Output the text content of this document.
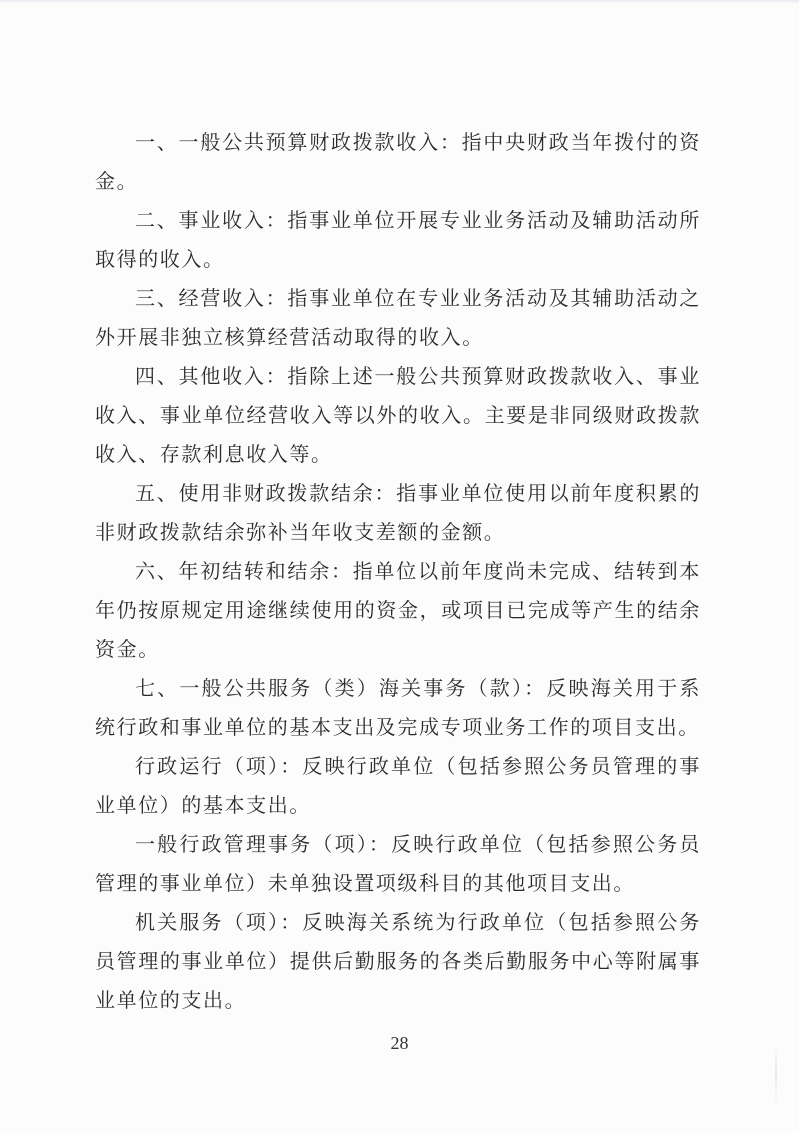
一、一般公共预算财政拨款收入：指中央财政当年拨付的资金。

二、事业收入：指事业单位开展专业业务活动及辅助活动所取得的收入。

三、经营收入：指事业单位在专业业务活动及其辅助活动之外开展非独立核算经营活动取得的收入。

四、其他收入：指除上述一般公共预算财政拨款收入、事业收入、事业单位经营收入等以外的收入。主要是非同级财政拨款收入、存款利息收入等。

五、使用非财政拨款结余：指事业单位使用以前年度积累的非财政拨款结余弥补当年收支差额的金额。

六、年初结转和结余：指单位以前年度尚未完成、结转到本年仍按原规定用途继续使用的资金，或项目已完成等产生的结余资金。

七、一般公共服务（类）海关事务（款）：反映海关用于系统行政和事业单位的基本支出及完成专项业务工作的项目支出。

行政运行（项）：反映行政单位（包括参照公务员管理的事业单位）的基本支出。

一般行政管理事务（项）：反映行政单位（包括参照公务员管理的事业单位）未单独设置项级科目的其他项目支出。

机关服务（项）：反映海关系统为行政单位（包括参照公务员管理的事业单位）提供后勤服务的各类后勤服务中心等附属事业单位的支出。

28
